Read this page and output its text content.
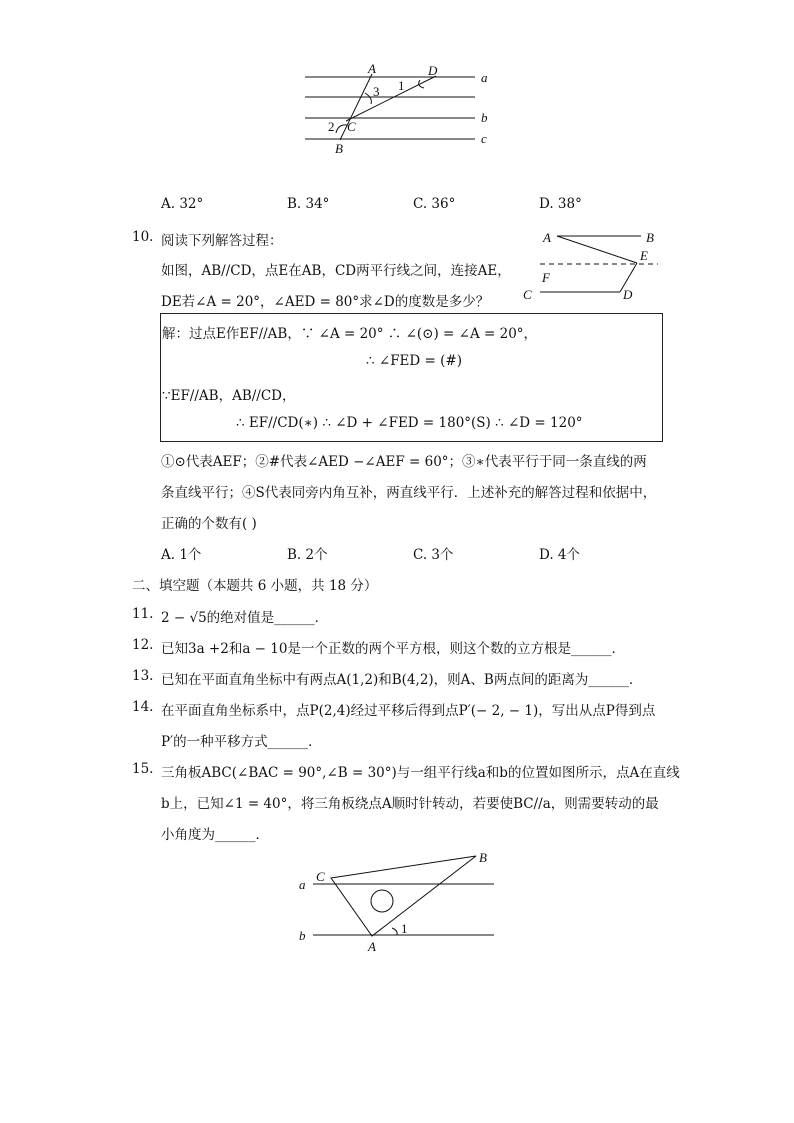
A	D
C
B
1
2
3
a
b
c
A. 32°	B. 34°	C. 36°	D. 38°
10. 阅读下列解答过程：
如图，AB//CD，点E在AB，CD两平行线之间，连接AE，
DE若∠A = 20°，∠AED = 80°求∠D的度数是多少？
A	B
E
F
C	D
解：过点E作EF//AB，∵ ∠A = 20° ∴ ∠(⊙) = ∠A = 20°，
∴ ∠FED = (#)
∵EF//AB，AB//CD，
∴ EF//CD(∗) ∴ ∠D + ∠FED = 180°(S) ∴ ∠D = 120°
①⊙代表AEF；②#代表∠AED −∠AEF = 60°；③∗代表平行于同一条直线的两
条直线平行；④S代表同旁内角互补，两直线平行．上述补充的解答过程和依据中，
正确的个数有( )
A. 1个	B. 2个	C. 3个	D. 4个
二、填空题（本题共 6 小题，共 18 分）
11. 2 − √5的绝对值是______．
12. 已知3a +2和a − 10是一个正数的两个平方根，则这个数的立方根是______．
13. 已知在平面直角坐标中有两点A(1,2)和B(4,2)，则A、B两点间的距离为______．
14. 在平面直角坐标系中，点P(2,4)经过平移后得到点P′(− 2, − 1)，写出从点P得到点
P′的一种平移方式______．
15. 三角板ABC(∠BAC = 90°,∠B = 30°)与一组平行线a和b的位置如图所示，点A在直线
b上，已知∠1 = 40°，将三角板绕点A顺时针转动，若要使BC//a，则需要转动的最
小角度为______．
C
B
A
1
a
b
